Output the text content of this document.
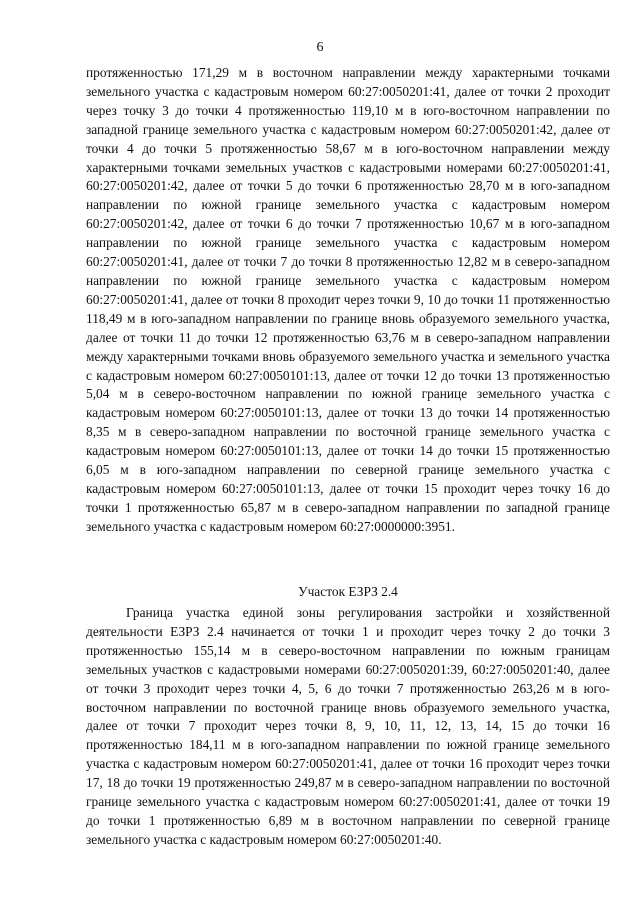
6

протяженностью 171,29 м в восточном направлении между характерными точками земельного участка с кадастровым номером 60:27:0050201:41, далее от точки 2 проходит через точку 3 до точки 4 протяженностью 119,10 м в юго-восточном направлении по западной границе земельного участка с кадастровым номером 60:27:0050201:42, далее от точки 4 до точки 5 протяженностью 58,67 м в юго-восточном направлении между характерными точками земельных участков с кадастровыми номерами 60:27:0050201:41, 60:27:0050201:42, далее от точки 5 до точки 6 протяженностью 28,70 м в юго-западном направлении по южной границе земельного участка с кадастровым номером 60:27:0050201:42, далее от точки 6 до точки 7 протяженностью 10,67 м в юго-западном направлении по южной границе земельного участка с кадастровым номером 60:27:0050201:41, далее от точки 7 до точки 8 протяженностью 12,82 м в северо-западном направлении по южной границе земельного участка с кадастровым номером 60:27:0050201:41, далее от точки 8 проходит через точки 9, 10 до точки 11 протяженностью 118,49 м в юго-западном направлении по границе вновь образуемого земельного участка, далее от точки 11 до точки 12 протяженностью 63,76 м в северо-западном направлении между характерными точками вновь образуемого земельного участка и земельного участка с кадастровым номером 60:27:0050101:13, далее от точки 12 до точки 13 протяженностью 5,04 м в северо-восточном направлении по южной границе земельного участка с кадастровым номером 60:27:0050101:13, далее от точки 13 до точки 14 протяженностью 8,35 м в северо-западном направлении по восточной границе земельного участка с кадастровым номером 60:27:0050101:13, далее от точки 14 до точки 15 протяженностью 6,05 м в юго-западном направлении по северной границе земельного участка с кадастровым номером 60:27:0050101:13, далее от точки 15 проходит через точку 16 до точки 1 протяженностью 65,87 м в северо-западном направлении по западной границе земельного участка с кадастровым номером 60:27:0000000:3951.

Участок ЕЗРЗ 2.4

Граница участка единой зоны регулирования застройки и хозяйственной деятельности ЕЗРЗ 2.4 начинается от точки 1 и проходит через точку 2 до точки 3 протяженностью 155,14 м в северо-восточном направлении по южным границам земельных участков с кадастровыми номерами 60:27:0050201:39, 60:27:0050201:40, далее от точки 3 проходит через точки 4, 5, 6 до точки 7 протяженностью 263,26 м в юго-восточном направлении по восточной границе вновь образуемого земельного участка, далее от точки 7 проходит через точки 8, 9, 10, 11, 12, 13, 14, 15 до точки 16 протяженностью 184,11 м в юго-западном направлении по южной границе земельного участка с кадастровым номером 60:27:0050201:41, далее от точки 16 проходит через точки 17, 18 до точки 19 протяженностью 249,87 м в северо-западном направлении по восточной границе земельного участка с кадастровым номером 60:27:0050201:41, далее от точки 19 до точки 1 протяженностью 6,89 м в восточном направлении по северной границе земельного участка с кадастровым номером 60:27:0050201:40.
